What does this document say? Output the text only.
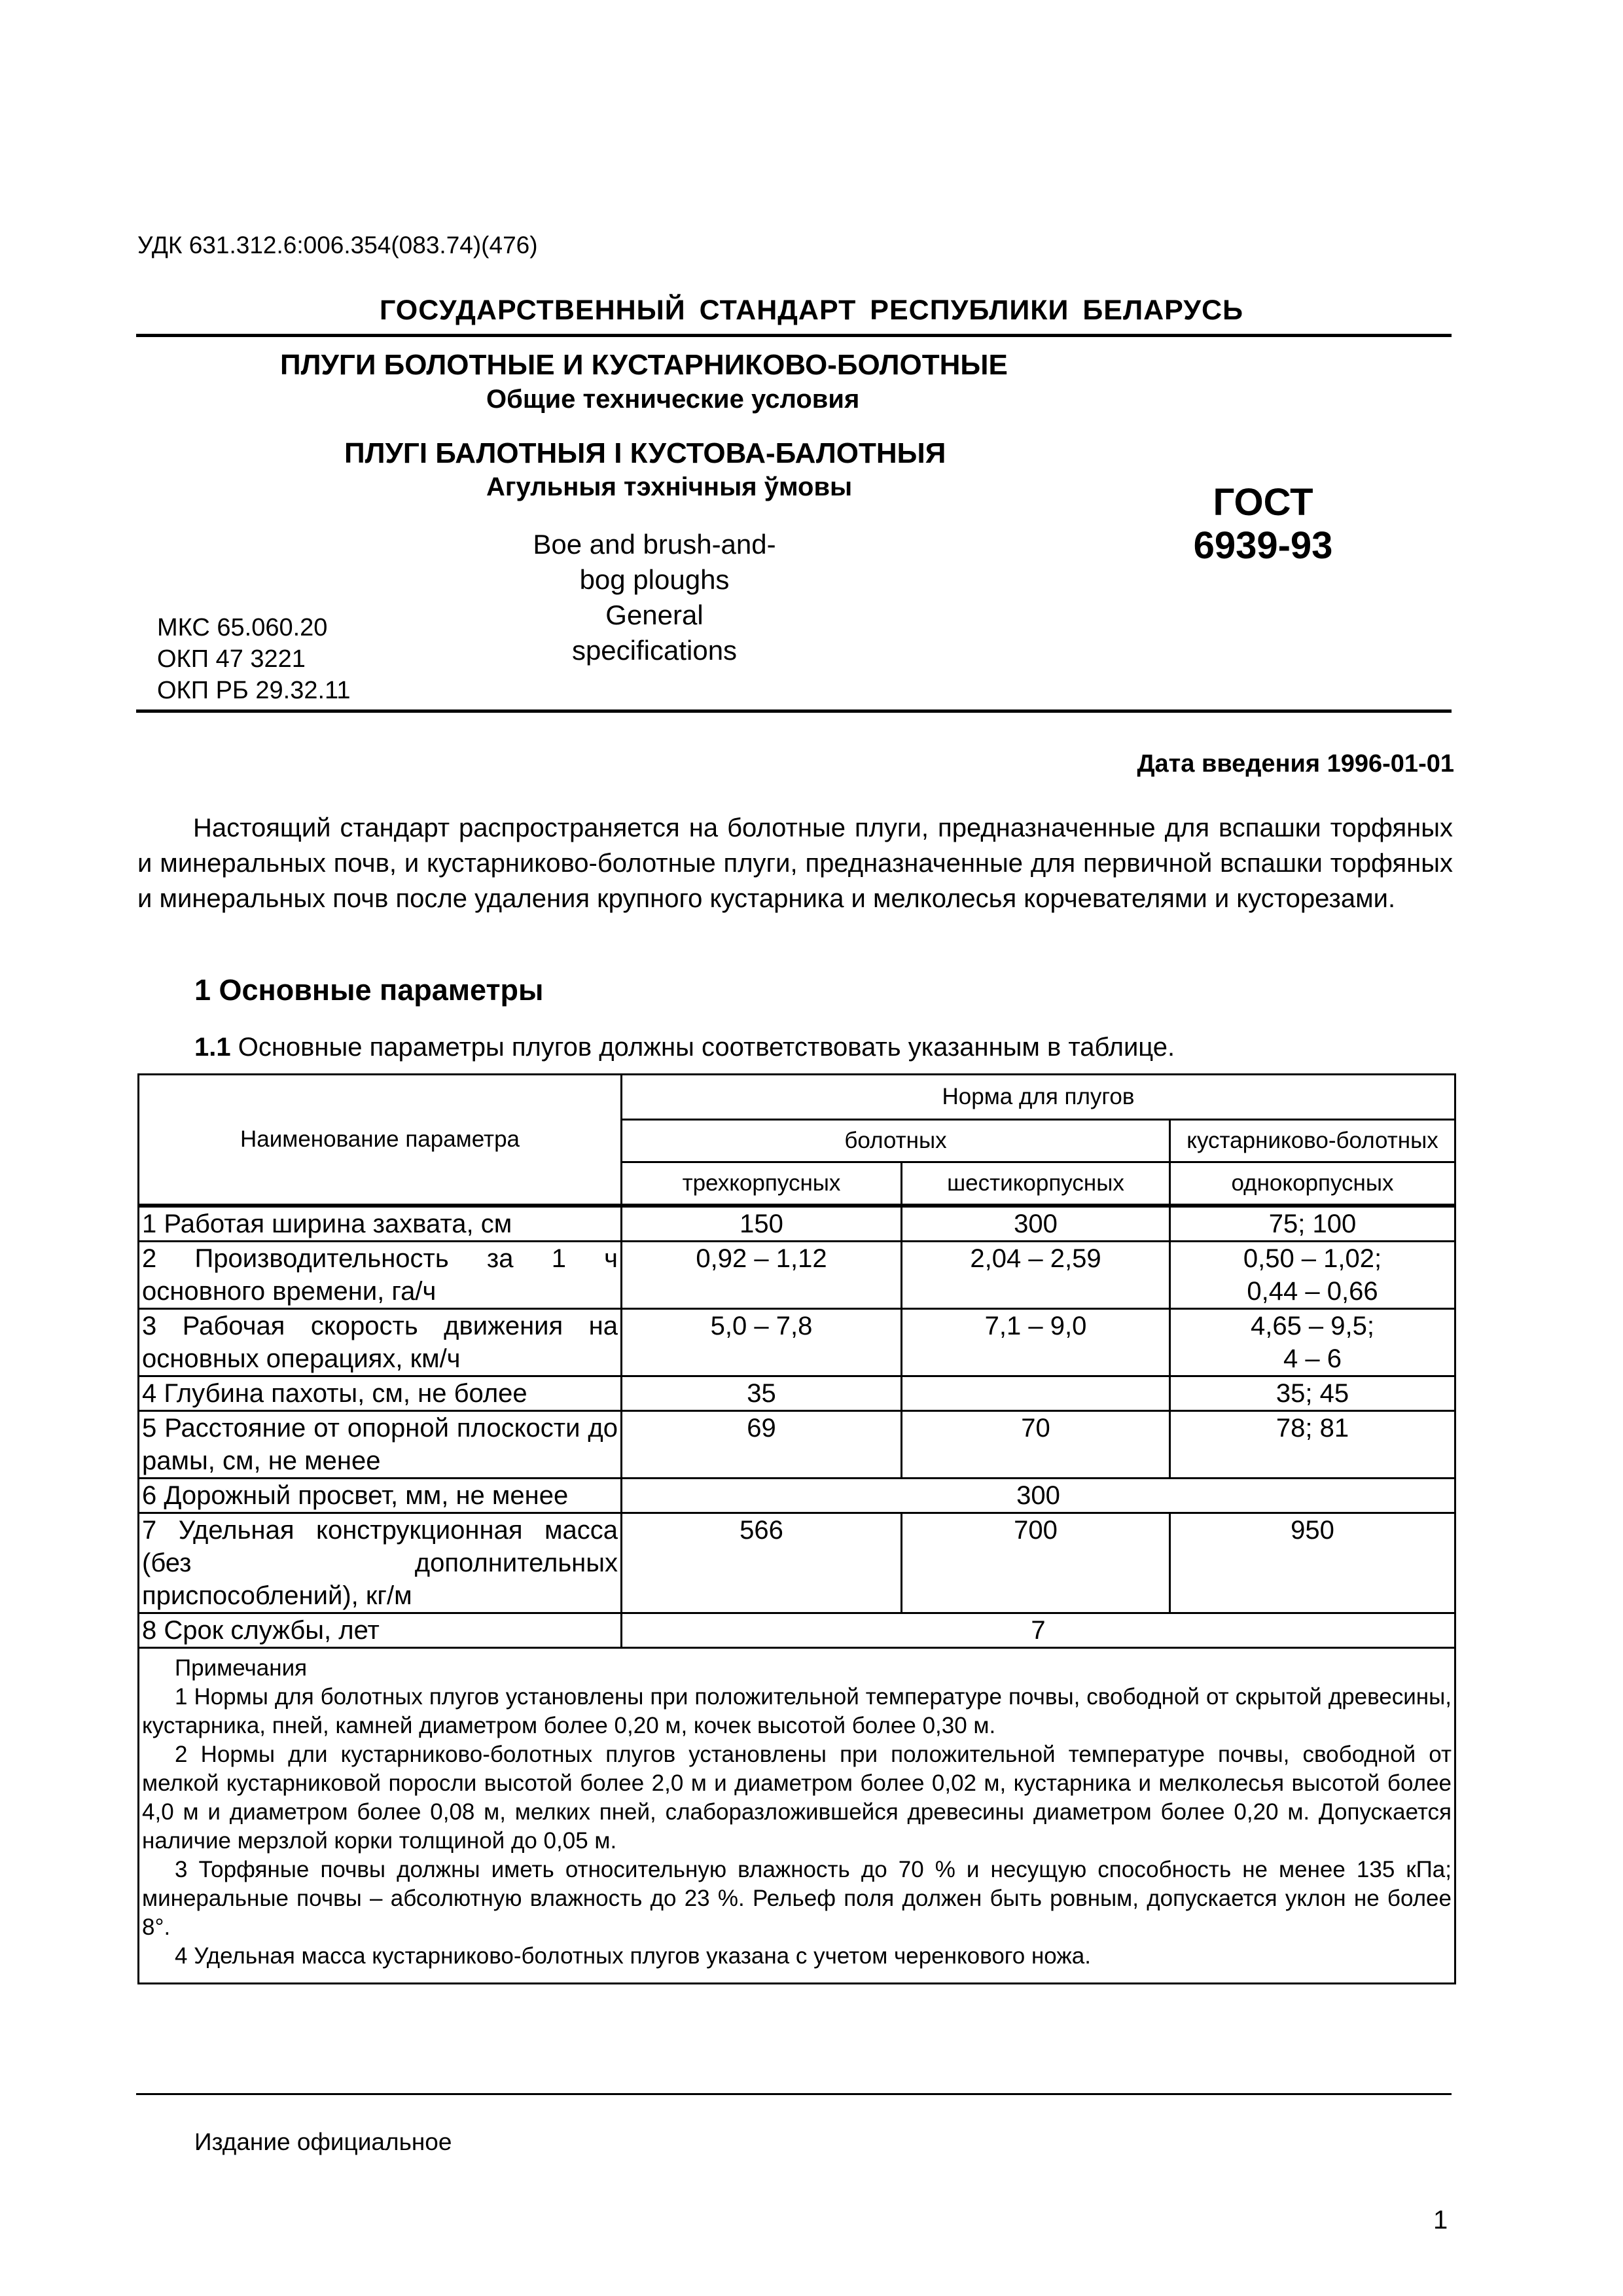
УДК 631.312.6:006.354(083.74)(476)
ГОСУДАРСТВЕННЫЙ СТАНДАРТ РЕСПУБЛИКИ БЕЛАРУСЬ
ПЛУГИ БОЛОТНЫЕ И КУСТАРНИКОВО-БОЛОТНЫЕ
Общие технические условия
ПЛУГІ БАЛОТНЫЯ І КУСТОВА-БАЛОТНЫЯ
Агульныя тэхнічныя ўмовы
Boe and brush-and-bog ploughs
General specifications
ГОСТ
6939-93
МКС 65.060.20
ОКП 47 3221
ОКП РБ 29.32.11
Дата введения 1996-01-01
Настоящий стандарт распространяется на болотные плуги, предназначенные для вспашки торфяных и минеральных почв, и кустарниково-болотные плуги, предназначенные для первичной вспашки торфяных и минеральных почв после удаления крупного кустарника и мелколесья корчевателями и кусторезами.
1 Основные параметры
1.1 Основные параметры плугов должны соответствовать указанным в таблице.
Наименование параметра	Норма для плугов		
	болотных		кустарниково-болотных
	трехкорпусных	шестикорпусных	однокорпусных
1 Работая ширина захвата, см	150	300	75; 100
2 Производительность за 1 ч основного времени, га/ч	0,92 – 1,12	2,04 – 2,59	0,50 – 1,02;
0,44 – 0,66

3 Рабочая скорость движения на основных операциях, км/ч	5,0 – 7,8	7,1 – 9,0	4,65 – 9,5;
4 – 6

4 Глубина пахоты, см, не более	35		35; 45
5 Расстояние от опорной плоскости до рамы, см, не менее	69	70	78; 81
6 Дорожный просвет, мм, не менее	300		
7 Удельная конструкционная масса (без дополнительных приспособлений), кг/м	566	700	950
8 Срок службы, лет	7		

Примечания
1 Нормы для болотных плугов установлены при положительной температуре почвы, свободной от скрытой древесины, кустарника, пней, камней диаметром более 0,20 м, кочек высотой более 0,30 м.
2 Нормы дли кустарниково-болотных плугов установлены при положительной температуре почвы, свободной от мелкой кустарниковой поросли высотой более 2,0 м и диаметром более 0,02 м, кустарника и мелколесья высотой более 4,0 м и диаметром более 0,08 м, мелких пней, слаборазложившейся древесины диаметром более 0,20 м. Допускается наличие мерзлой корки толщиной до 0,05 м.
3 Торфяные почвы должны иметь относительную влажность до 70 % и несущую способность не менее 135 кПа; минеральные почвы – абсолютную влажность до 23 %. Рельеф поля должен быть ровным, допускается уклон не более 8°.
4 Удельная масса кустарниково-болотных плугов указана с учетом черенкового ножа.			
Издание официальное
1
